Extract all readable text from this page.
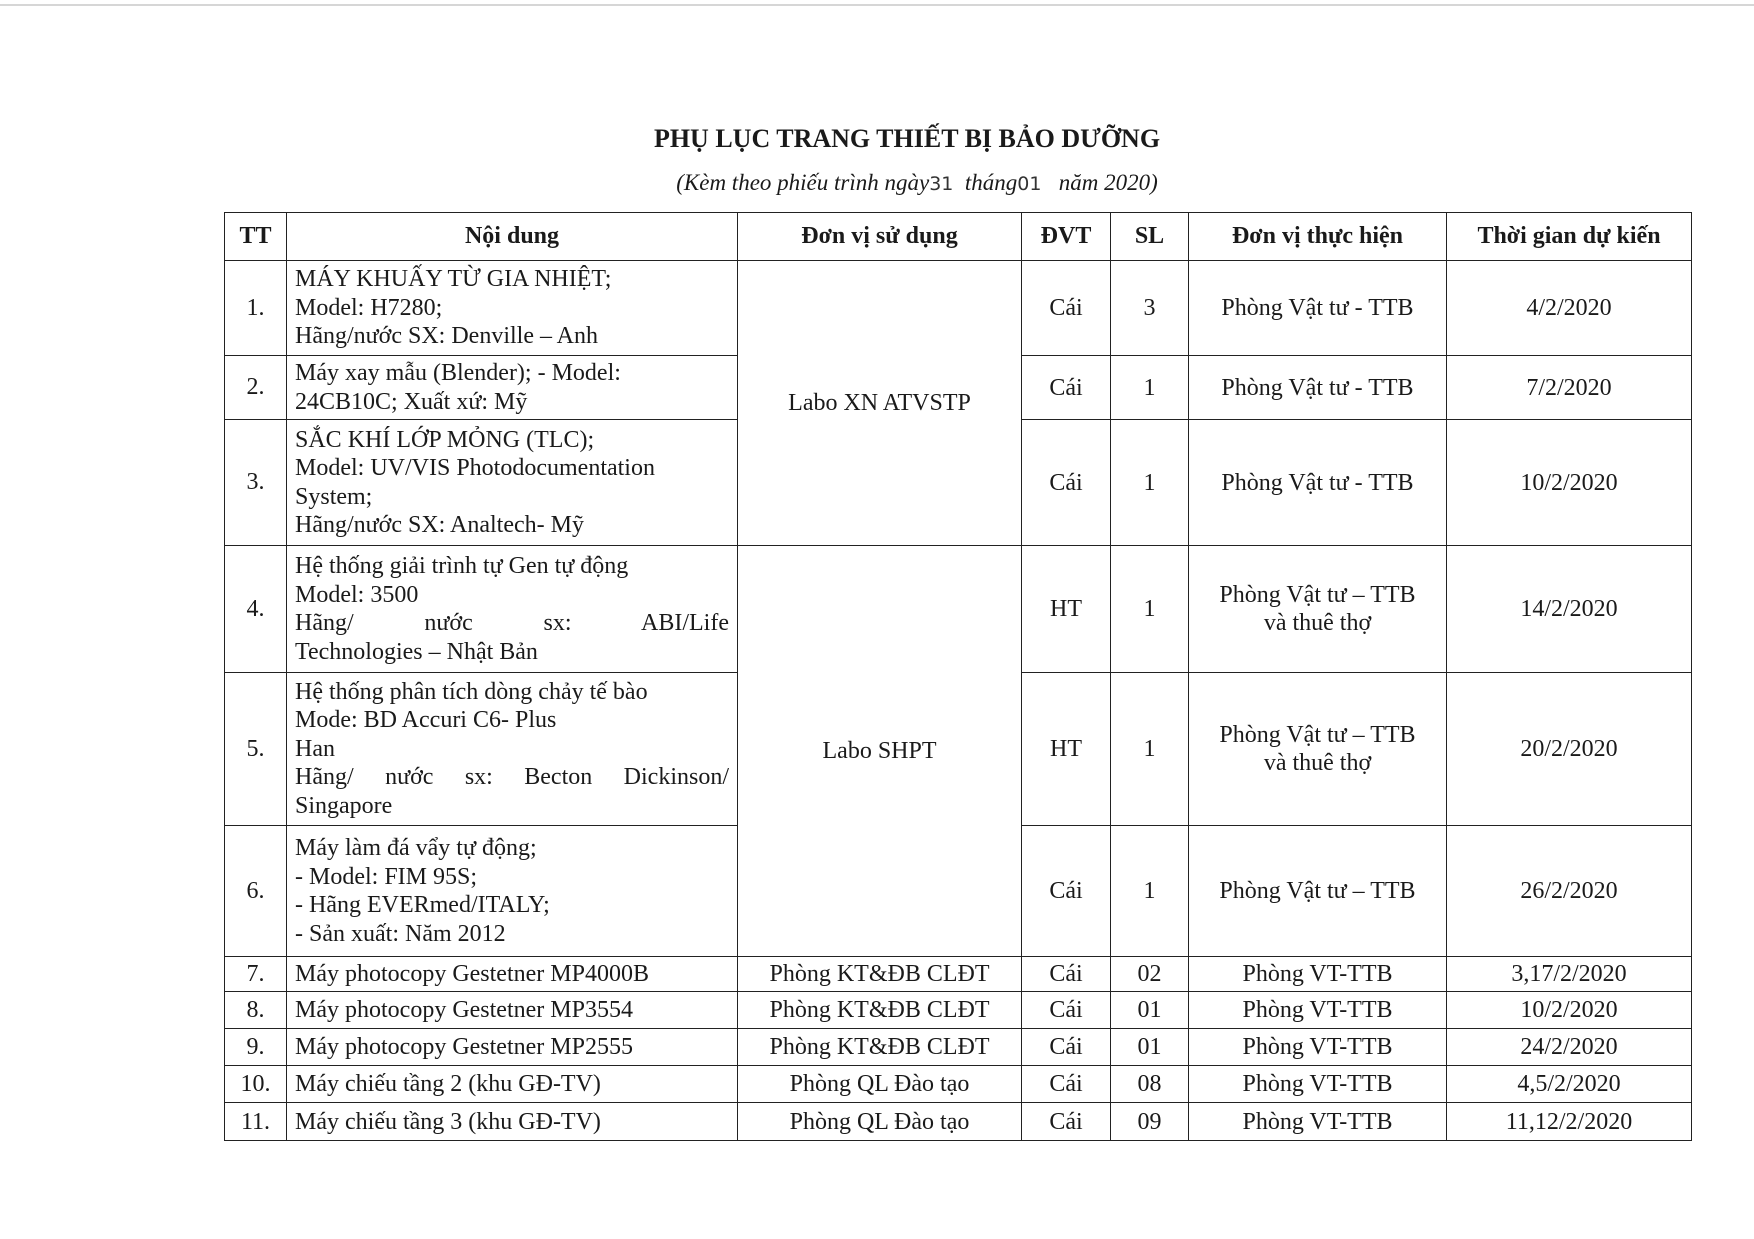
PHỤ LỤC TRANG THIẾT BỊ BẢO DƯỠNG
(Kèm theo phiếu trình ngày31 tháng01 năm 2020)
TT	Nội dung	Đơn vị sử dụng	ĐVT	SL	Đơn vị thực hiện	Thời gian dự kiến
1.	MÁY KHUẤY TỪ GIA NHIỆT;
Model: H7280;
Hãng/nước SX: Denville – Anh	Labo XN ATVSTP	Cái	3	Phòng Vật tư - TTB	4/2/2020
2.	Máy xay mẫu (Blender); - Model:
24CB10C; Xuất xứ: Mỹ		Cái	1	Phòng Vật tư - TTB	7/2/2020
3.	SẮC KHÍ LỚP MỎNG (TLC);
Model: UV/VIS Photodocumentation
System;
Hãng/nước SX: Analtech- Mỹ		Cái	1	Phòng Vật tư - TTB	10/2/2020
4.	Hệ thống giải trình tự Gen tự động
Model: 3500
Hãng/ nước sx: ABI/Life
Technologies – Nhật Bản	Labo SHPT	HT	1	Phòng Vật tư – TTB
và thuê thợ	14/2/2020
5.	Hệ thống phân tích dòng chảy tế bào
Mode: BD Accuri C6- Plus
Han
Hãng/ nước sx: Becton Dickinson/
Singapore		HT	1	Phòng Vật tư – TTB
và thuê thợ	20/2/2020
6.	Máy làm đá vẩy tự động;
- Model: FIM 95S;
- Hãng EVERmed/ITALY;
- Sản xuất: Năm 2012		Cái	1	Phòng Vật tư – TTB	26/2/2020
7.	Máy photocopy Gestetner MP4000B	Phòng KT&ĐB CLĐT	Cái	02	Phòng VT-TTB	3,17/2/2020
8.	Máy photocopy Gestetner MP3554	Phòng KT&ĐB CLĐT	Cái	01	Phòng VT-TTB	10/2/2020
9.	Máy photocopy Gestetner MP2555	Phòng KT&ĐB CLĐT	Cái	01	Phòng VT-TTB	24/2/2020
10.	Máy chiếu tầng 2 (khu GĐ-TV)	Phòng QL Đào tạo	Cái	08	Phòng VT-TTB	4,5/2/2020
11.	Máy chiếu tầng 3 (khu GĐ-TV)	Phòng QL Đào tạo	Cái	09	Phòng VT-TTB	11,12/2/2020
